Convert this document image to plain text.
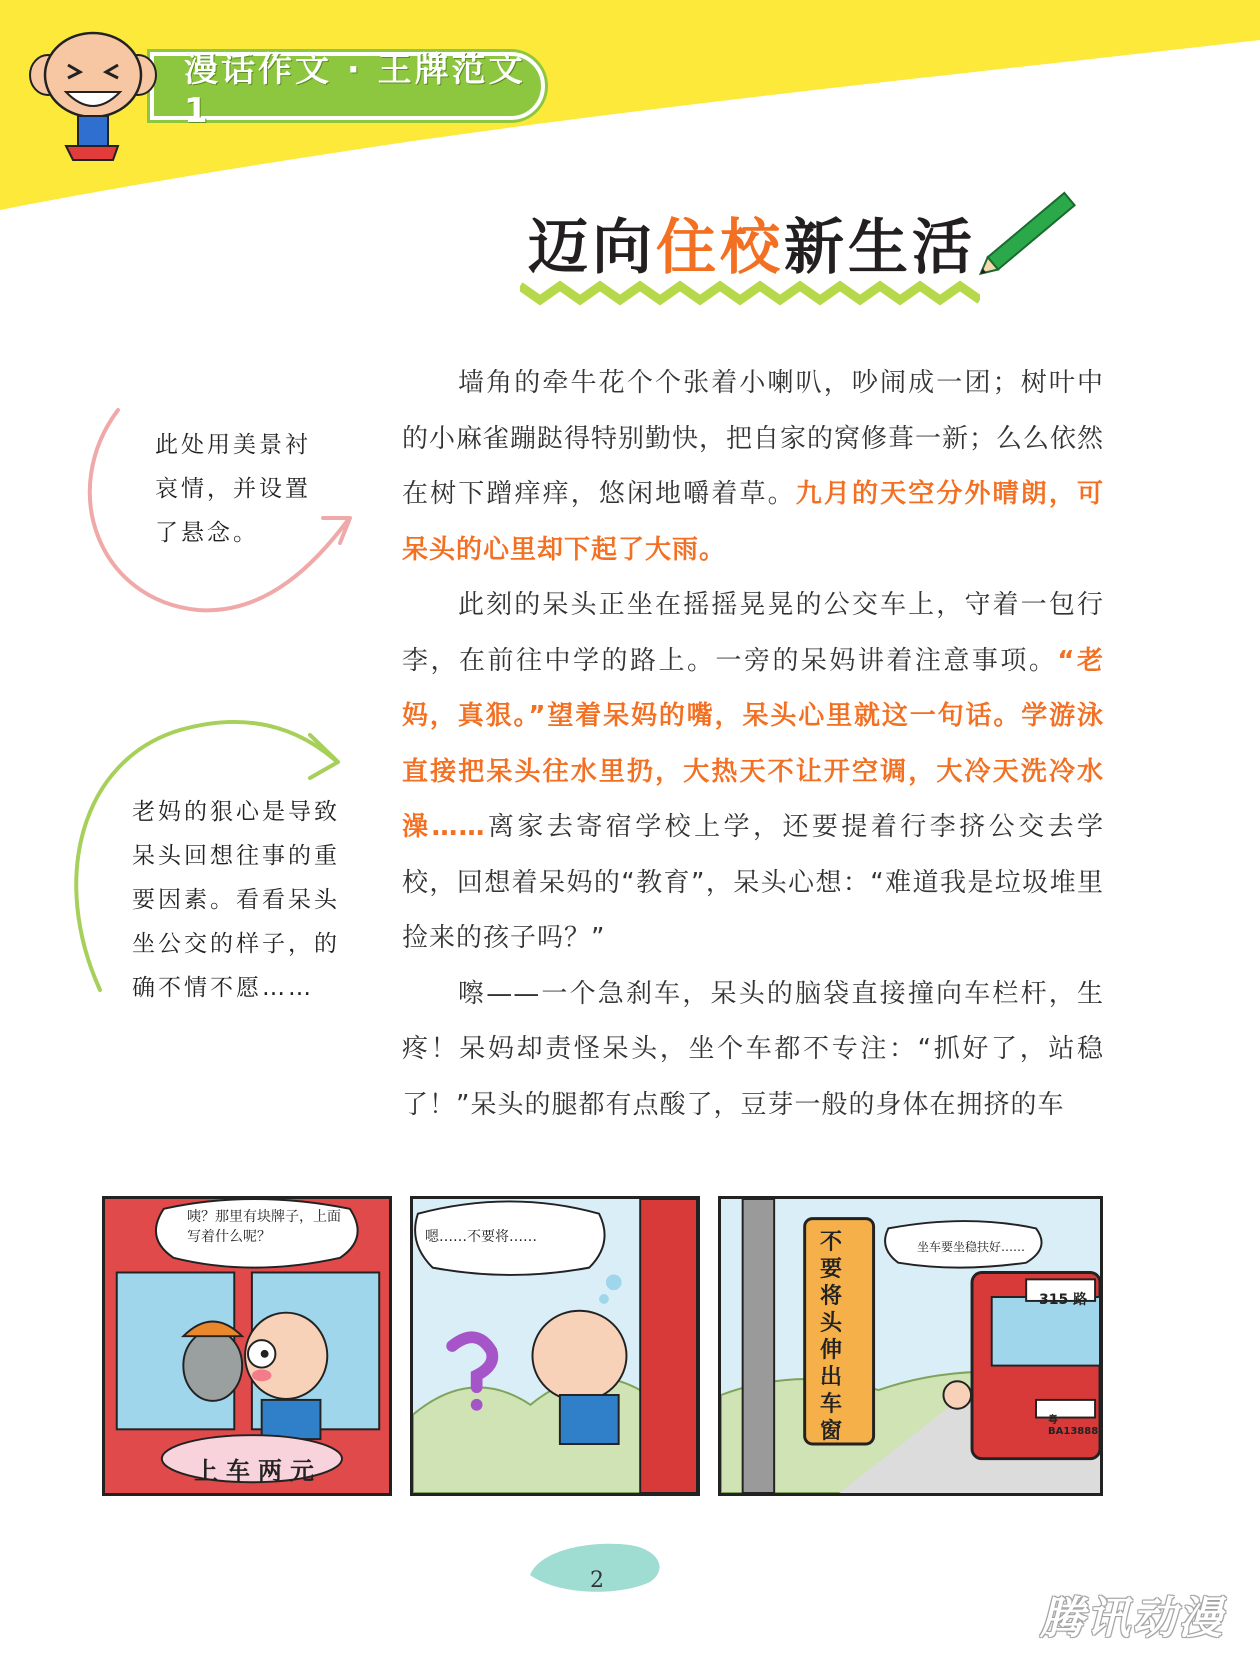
漫话作文 · 王牌范文 1
迈向住校新生活
此处用美景衬哀情，并设置了悬念。
老妈的狠心是导致呆头回想往事的重要因素。看看呆头坐公交的样子，的确不情不愿……

墙角的牵牛花个个张着小喇叭，吵闹成一团；树叶中的小麻雀蹦跶得特别勤快，把自家的窝修葺一新；么么依然在树下蹭痒痒，悠闲地嚼着草。九月的天空分外晴朗，可呆头的心里却下起了大雨。

此刻的呆头正坐在摇摇晃晃的公交车上，守着一包行李，在前往中学的路上。一旁的呆妈讲着注意事项。“老妈，真狠。”望着呆妈的嘴，呆头心里就这一句话。学游泳直接把呆头往水里扔，大热天不让开空调，大冷天洗冷水澡……离家去寄宿学校上学，还要提着行李挤公交去学校，回想着呆妈的“教育”，呆头心想：“难道我是垃圾堆里捡来的孩子吗？”

嚓——一个急刹车，呆头的脑袋直接撞向车栏杆，生疼！呆妈却责怪呆头，坐个车都不专注：“抓好了，站稳了！”呆头的腿都有点酸了，豆芽一般的身体在拥挤的车

咦？那里有块牌子，上面写着什么呢？
上车两元
嗯……不要将……
坐车要坐稳扶好……
不要将头伸出车窗
315 路
粤BA13888
2
腾讯动漫
